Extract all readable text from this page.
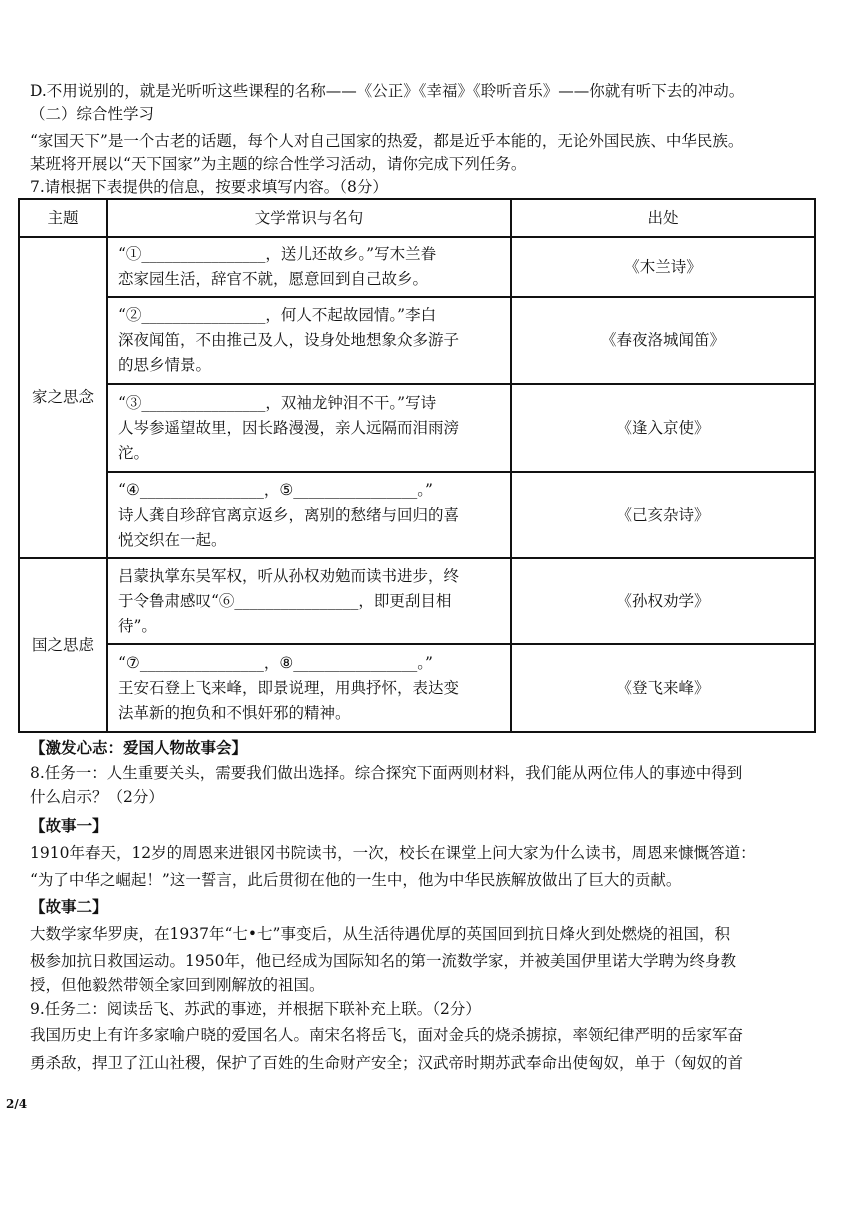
D.不用说别的，就是光听听这些课程的名称——《公正》《幸福》《聆听音乐》——你就有听下去的冲动。
（二）综合性学习
“家国天下”是一个古老的话题，每个人对自己国家的热爱，都是近乎本能的，无论外国民族、中华民族。
某班将开展以“天下国家”为主题的综合性学习活动，请你完成下列任务。
7.请根据下表提供的信息，按要求填写内容。（8分）
主题	文学常识与名句	出处
家之思念	“①________________，送儿还故乡。”写木兰眷
恋家园生活，辞官不就，愿意回到自己故乡。	《木兰诗》

	“②________________，何人不起故园情。”李白
深夜闻笛，不由推己及人，设身处地想象众多游子
的思乡情景。	《春夜洛城闻笛》

	“③________________，双袖龙钟泪不干。”写诗
人岑参遥望故里，因长路漫漫，亲人远隔而泪雨滂
沱。	《逢入京使》

	“④________________，⑤________________。”
诗人龚自珍辞官离京返乡，离别的愁绪与回归的喜
悦交织在一起。	《己亥杂诗》
国之思虑	吕蒙执掌东吴军权，听从孙权劝勉而读书进步，终
于令鲁肃感叹“⑥________________，即更刮目相
待”。	《孙权劝学》

	“⑦________________，⑧________________。”
王安石登上飞来峰，即景说理，用典抒怀，表达变
法革新的抱负和不惧奸邪的精神。	《登飞来峰》
【激发心志：爱国人物故事会】
8.任务一：人生重要关头，需要我们做出选择。综合探究下面两则材料，我们能从两位伟人的事迹中得到
什么启示？（2分）
【故事一】
1910年春天，12岁的周恩来进银冈书院读书，一次，校长在课堂上问大家为什么读书，周恩来慷慨答道：
“为了中华之崛起！”这一誓言，此后贯彻在他的一生中，他为中华民族解放做出了巨大的贡献。
【故事二】
大数学家华罗庚，在1937年“七•七”事变后，从生活待遇优厚的英国回到抗日烽火到处燃烧的祖国，积
极参加抗日救国运动。1950年，他已经成为国际知名的第一流数学家，并被美国伊里诺大学聘为终身教
授，但他毅然带领全家回到刚解放的祖国。
9.任务二：阅读岳飞、苏武的事迹，并根据下联补充上联。（2分）
我国历史上有许多家喻户晓的爱国名人。南宋名将岳飞，面对金兵的烧杀掳掠，率领纪律严明的岳家军奋
勇杀敌，捍卫了江山社稷，保护了百姓的生命财产安全；汉武帝时期苏武奉命出使匈奴，单于（匈奴的首
2/4
